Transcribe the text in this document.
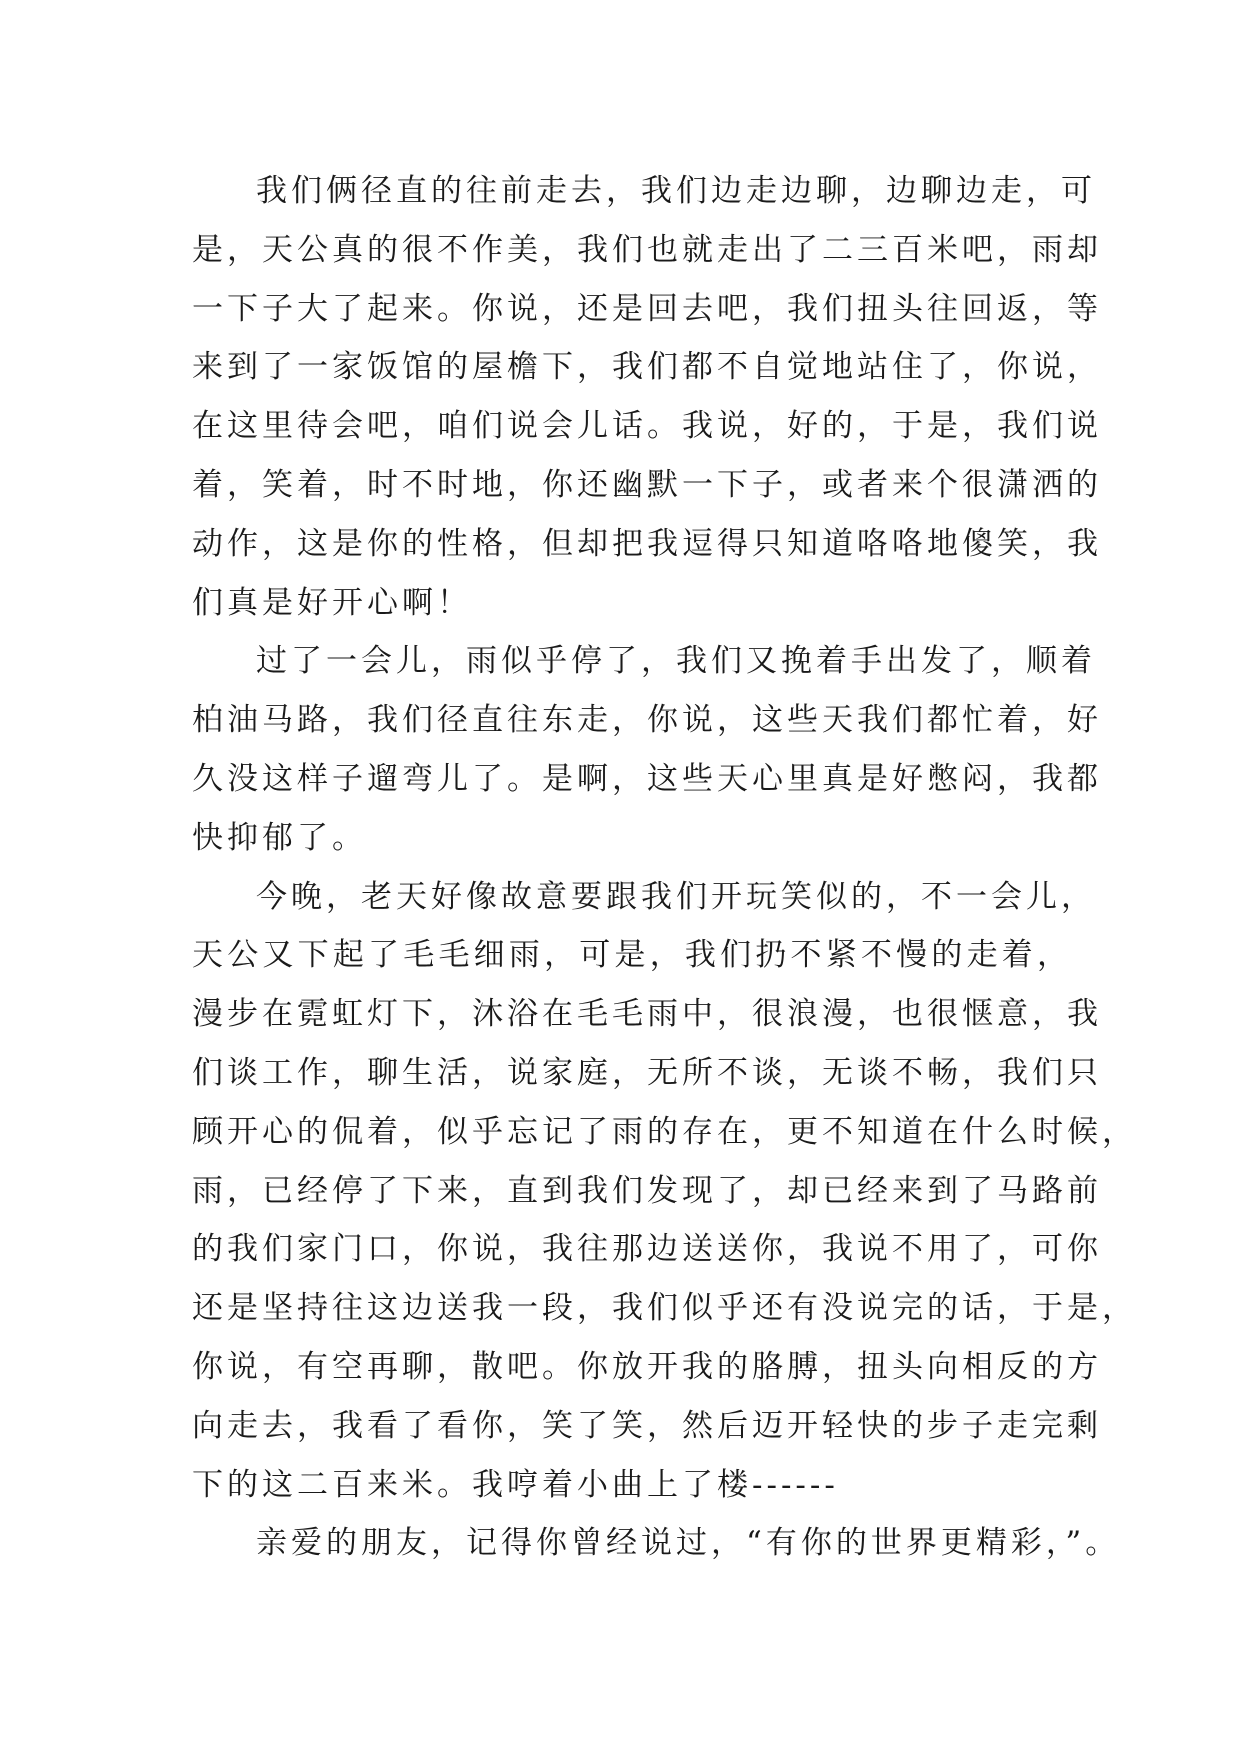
我们俩径直的往前走去，我们边走边聊，边聊边走，可
是，天公真的很不作美，我们也就走出了二三百米吧，雨却
一下子大了起来。你说，还是回去吧，我们扭头往回返，等
来到了一家饭馆的屋檐下，我们都不自觉地站住了，你说，
在这里待会吧，咱们说会儿话。我说，好的，于是，我们说
着，笑着，时不时地，你还幽默一下子，或者来个很潇洒的
动作，这是你的性格，但却把我逗得只知道咯咯地傻笑，我
们真是好开心啊！
过了一会儿，雨似乎停了，我们又挽着手出发了，顺着
柏油马路，我们径直往东走，你说，这些天我们都忙着，好
久没这样子遛弯儿了。是啊，这些天心里真是好憋闷，我都
快抑郁了。
今晚，老天好像故意要跟我们开玩笑似的，不一会儿，
天公又下起了毛毛细雨，可是，我们扔不紧不慢的走着，
漫步在霓虹灯下，沐浴在毛毛雨中，很浪漫，也很惬意，我
们谈工作，聊生活，说家庭，无所不谈，无谈不畅，我们只
顾开心的侃着，似乎忘记了雨的存在，更不知道在什么时候，
雨，已经停了下来，直到我们发现了，却已经来到了马路前
的我们家门口，你说，我往那边送送你，我说不用了，可你
还是坚持往这边送我一段，我们似乎还有没说完的话，于是，
你说，有空再聊，散吧。你放开我的胳膊，扭头向相反的方
向走去，我看了看你，笑了笑，然后迈开轻快的步子走完剩
下的这二百来米。我哼着小曲上了楼------
亲爱的朋友，记得你曾经说过，“有你的世界更精彩，”。
